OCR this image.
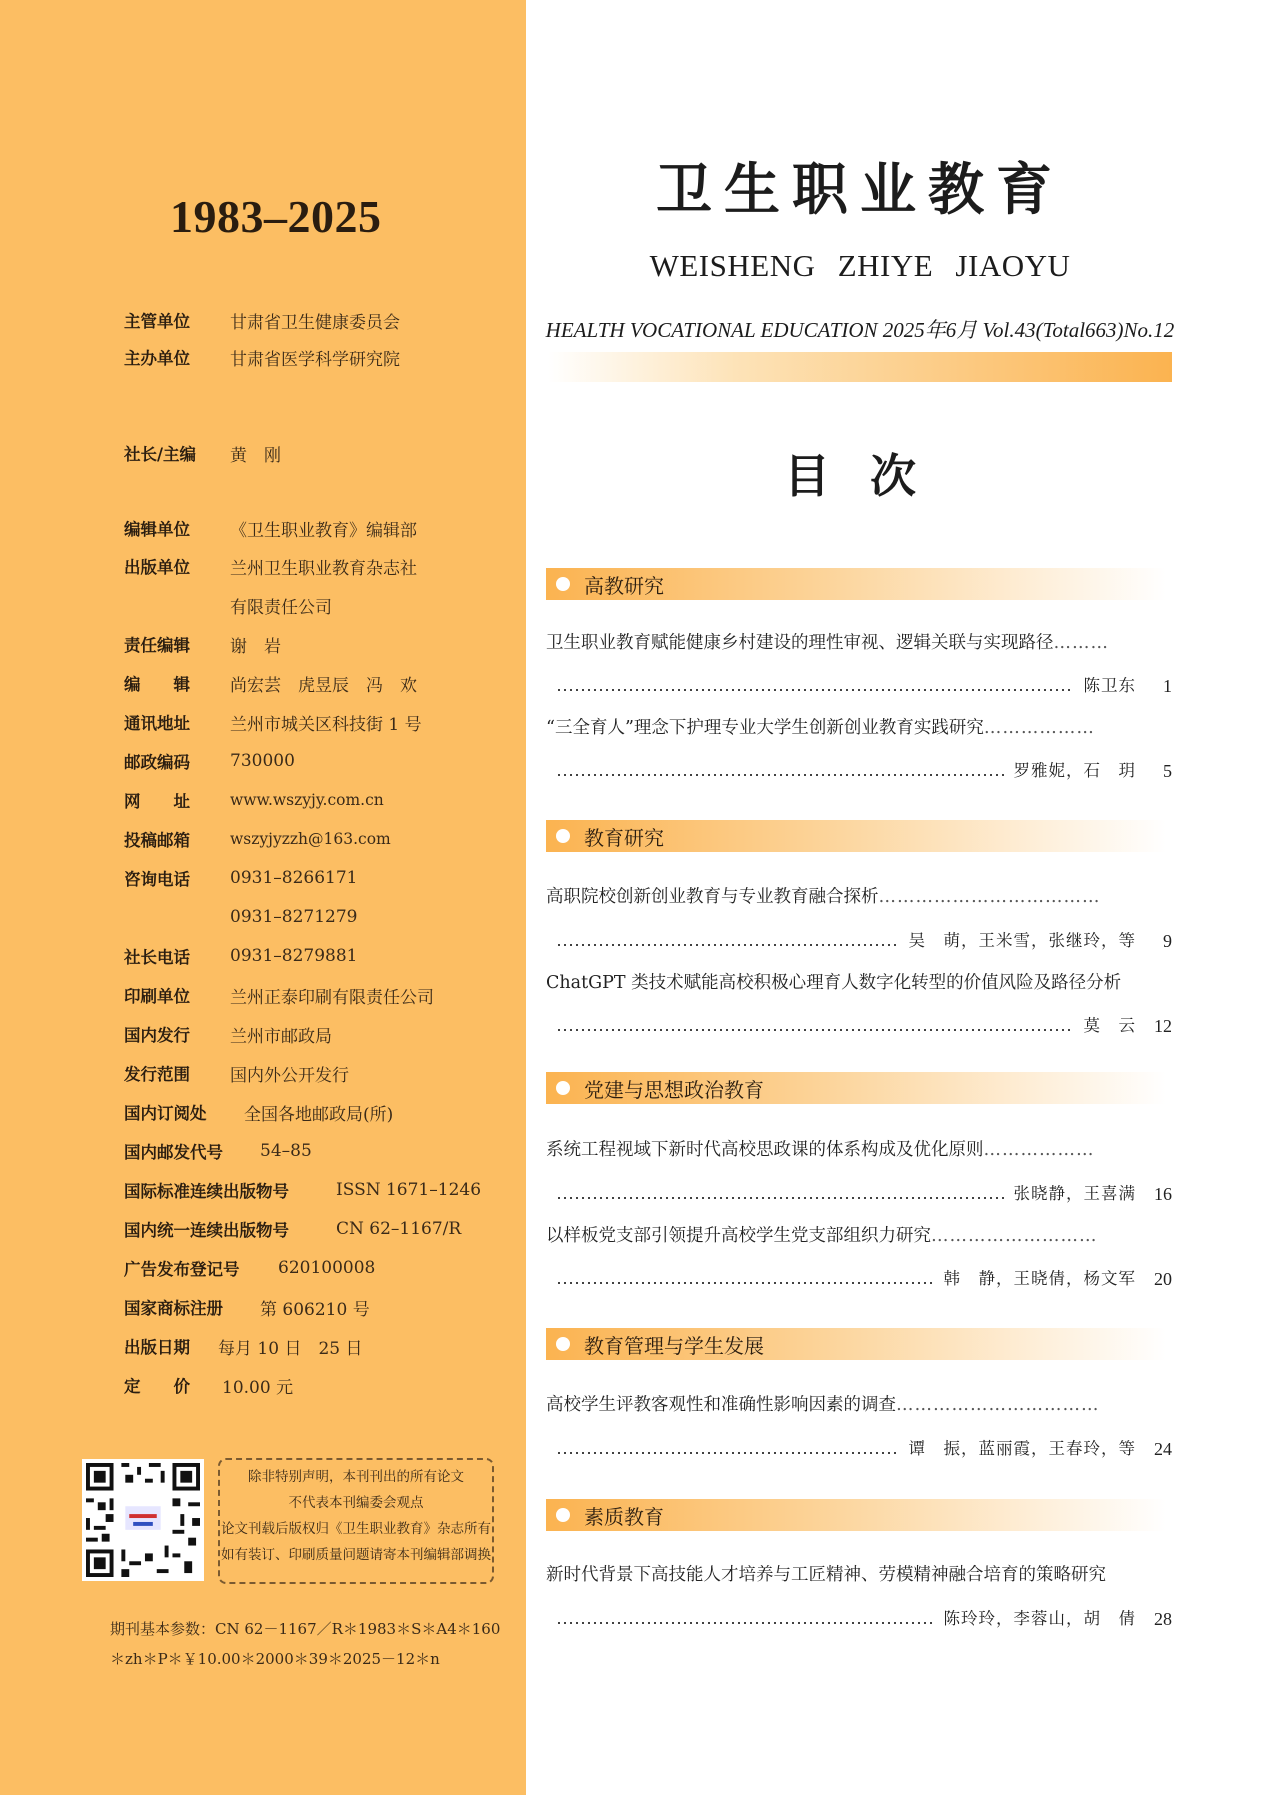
1983–2025
主管单位 甘肃省卫生健康委员会
主办单位 甘肃省医学科学研究院
社长/主编 黄　刚
编辑单位 《卫生职业教育》编辑部
出版单位 兰州卫生职业教育杂志社
有限责任公司
责任编辑 谢　岩
编　　辑 尚宏芸　虎昱辰　冯　欢
通讯地址 兰州市城关区科技街 1 号
邮政编码 730000
网　　址	www.wszyjy.com.cn
投稿邮箱	wszyjyzzh@163.com
咨询电话 0931–8266171
0931–8271279
社长电话 0931–8279881
印刷单位 兰州正泰印刷有限责任公司
国内发行 兰州市邮政局
发行范围 国内外公开发行
国内订阅处 全国各地邮政局(所)
国内邮发代号 54–85
国际标准连续出版物号	ISSN 1671–1246
国内统一连续出版物号	CN 62–1167/R
广告发布登记号 620100008
国家商标注册 第 606210 号
出版日期 每月 10 日　25 日
定　　价 10.00 元
除非特别声明，本刊刊出的所有论文
不代表本刊编委会观点
论文刊载后版权归《卫生职业教育》杂志所有
如有装订、印刷质量问题请寄本刊编辑部调换
期刊基本参数：CN 62－1167／R＊1983＊S＊A4＊160
＊zh＊P＊￥10.00＊2000＊39＊2025－12＊n
卫生职业教育
WEISHENG ZHIYE JIAOYU
HEALTH VOCATIONAL EDUCATION 2025年6月 Vol.43(Total663)No.12
目次
高教研究
卫生职业教育赋能健康乡村建设的理性审视、逻辑关联与实现路径………
陈卫东	1
“三全育人”理念下护理专业大学生创新创业教育实践研究………………
罗雅妮，石　玥	5
教育研究
高职院校创新创业教育与专业教育融合探析………………………………
吴　萌，王米雪，张继玲，等	9
ChatGPT 类技术赋能高校积极心理育人数字化转型的价值风险及路径分析
莫　云	12
党建与思想政治教育
系统工程视域下新时代高校思政课的体系构成及优化原则………………
张晓静，王喜满	16
以样板党支部引领提升高校学生党支部组织力研究………………………
韩　静，王晓倩，杨文军	20
教育管理与学生发展
高校学生评教客观性和准确性影响因素的调查……………………………
谭　振，蓝丽霞，王春玲，等	24
素质教育
新时代背景下高技能人才培养与工匠精神、劳模精神融合培育的策略研究
陈玲玲，李蓉山，胡　倩	28
